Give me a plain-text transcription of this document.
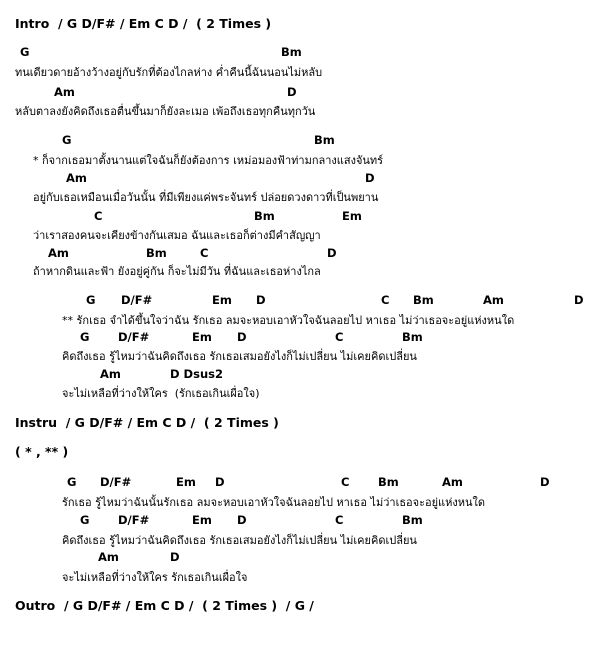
Intro  / G D/F# / Em C D /  ( 2 Times )
G	Bm
ทนเดียวดายอ้างว้างอยู่กับรักที่ต้องไกลห่าง ค่ำคืนนี้ฉันนอนไม่หลับ
Am	D
หลับตาลงยังคิดถึงเธอตื่นขึ้นมาก็ยังละเมอ เพ้อถึงเธอทุกคืนทุกวัน
G	Bm
* ก็จากเธอมาตั้งนานแต่ใจฉันก็ยังต้องการ เหม่อมองฟ้าท่ามกลางแสงจันทร์
Am	D
อยู่กับเธอเหมือนเมื่อวันนั้น ที่มีเพียงแค่พระจันทร์ ปล่อยดวงดาวที่เป็นพยาน
C	Bm	Em
ว่าเราสองคนจะเคียงข้างกันเสมอ ฉันและเธอก็ต่างมีคำสัญญา
Am	Bm	C	D
ถ้าหากดินและฟ้า ยังอยู่คู่กัน ก็จะไม่มีวัน ที่ฉันและเธอห่างไกล
G D/F#	Em D	C Bm	Am	D
** รักเธอ จำได้ขึ้นใจว่าฉัน รักเธอ ลมจะหอบเอาหัวใจฉันลอยไป หาเธอ ไม่ว่าเธอจะอยู่แห่งหนใด
G D/F#	Em D	C	Bm
คิดถึงเธอ รู้ไหมว่าฉันคิดถึงเธอ รักเธอเสมอยังไงก็ไม่เปลี่ยน ไม่เคยคิดเปลี่ยน
Am	D Dsus2
จะไม่เหลือที่ว่างให้ใคร  (รักเธอเกินเผื่อใจ)
Instru  / G D/F# / Em C D /  ( 2 Times )
( * , ** )
G D/F#	Em D	C Bm	Am	D
รักเธอ รู้ไหมว่าฉันนั้นรักเธอ ลมจะหอบเอาหัวใจฉันลอยไป หาเธอ ไม่ว่าเธอจะอยู่แห่งหนใด
G D/F#	Em D	C	Bm
คิดถึงเธอ รู้ไหมว่าฉันคิดถึงเธอ รักเธอเสมอยังไงก็ไม่เปลี่ยน ไม่เคยคิดเปลี่ยน
Am	D
จะไม่เหลือที่ว่างให้ใคร รักเธอเกินเผื่อใจ
Outro  / G D/F# / Em C D /  ( 2 Times )  / G /
